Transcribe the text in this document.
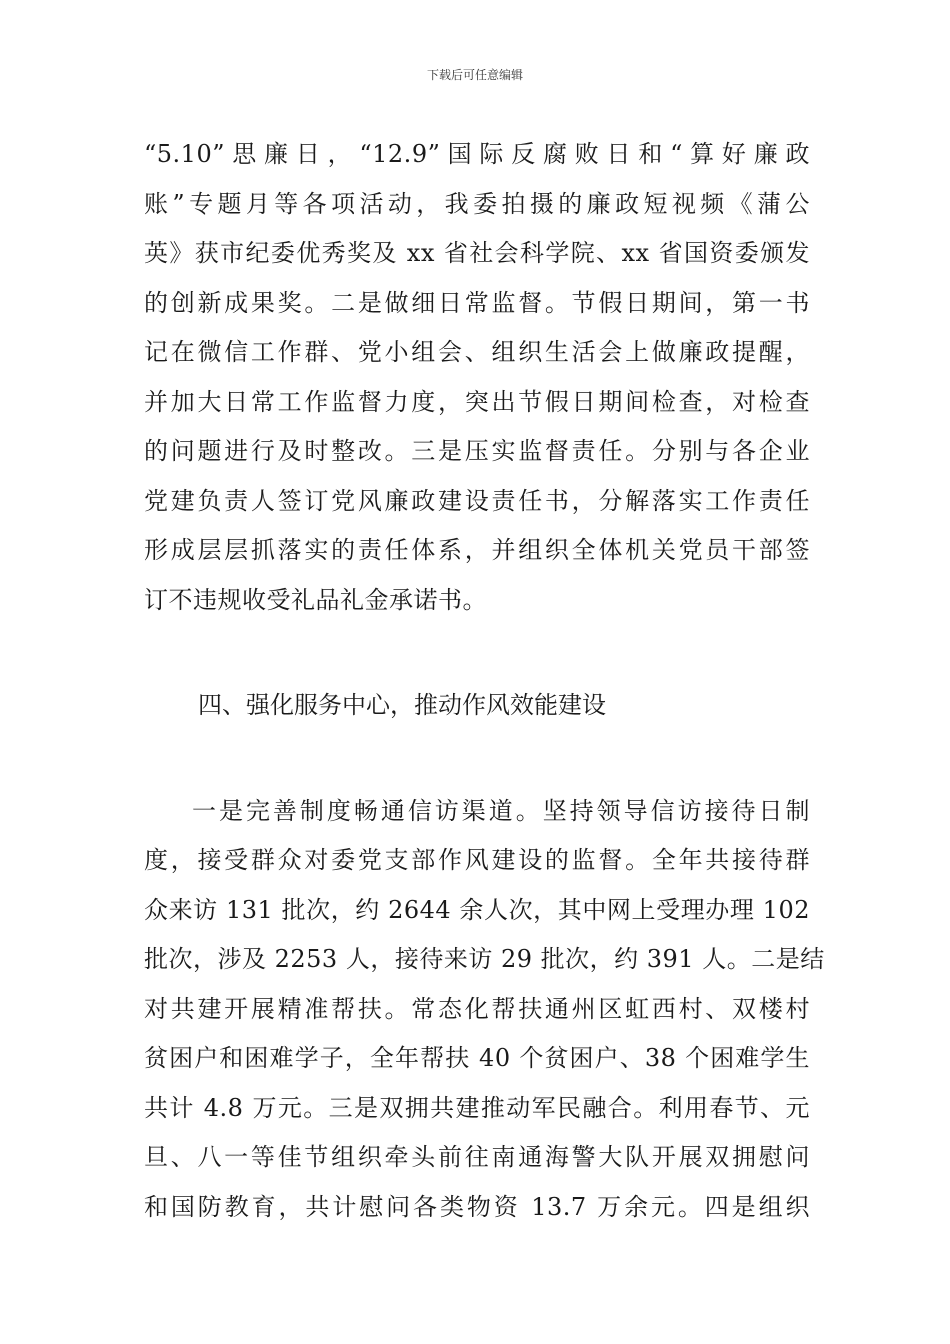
下载后可任意编辑
“5.10”思廉日，“12.9”国际反腐败日和“算好廉政
账”专题月等各项活动，我委拍摄的廉政短视频《蒲公
英》获市纪委优秀奖及 xx 省社会科学院、xx 省国资委颁发
的创新成果奖。二是做细日常监督。节假日期间，第一书
记在微信工作群、党小组会、组织生活会上做廉政提醒，
并加大日常工作监督力度，突出节假日期间检查，对检查
的问题进行及时整改。三是压实监督责任。分别与各企业
党建负责人签订党风廉政建设责任书，分解落实工作责任
形成层层抓落实的责任体系，并组织全体机关党员干部签
订不违规收受礼品礼金承诺书。
四、强化服务中心，推动作风效能建设
一是完善制度畅通信访渠道。坚持领导信访接待日制
度，接受群众对委党支部作风建设的监督。全年共接待群
众来访 131 批次，约 2644 余人次，其中网上受理办理 102
批次，涉及 2253 人，接待来访 29 批次，约 391 人。二是结
对共建开展精准帮扶。常态化帮扶通州区虹西村、双楼村
贫困户和困难学子，全年帮扶 40 个贫困户、38 个困难学生
共计 4.8 万元。三是双拥共建推动军民融合。利用春节、元
旦、八一等佳节组织牵头前往南通海警大队开展双拥慰问
和国防教育，共计慰问各类物资 13.7 万余元。四是组织
